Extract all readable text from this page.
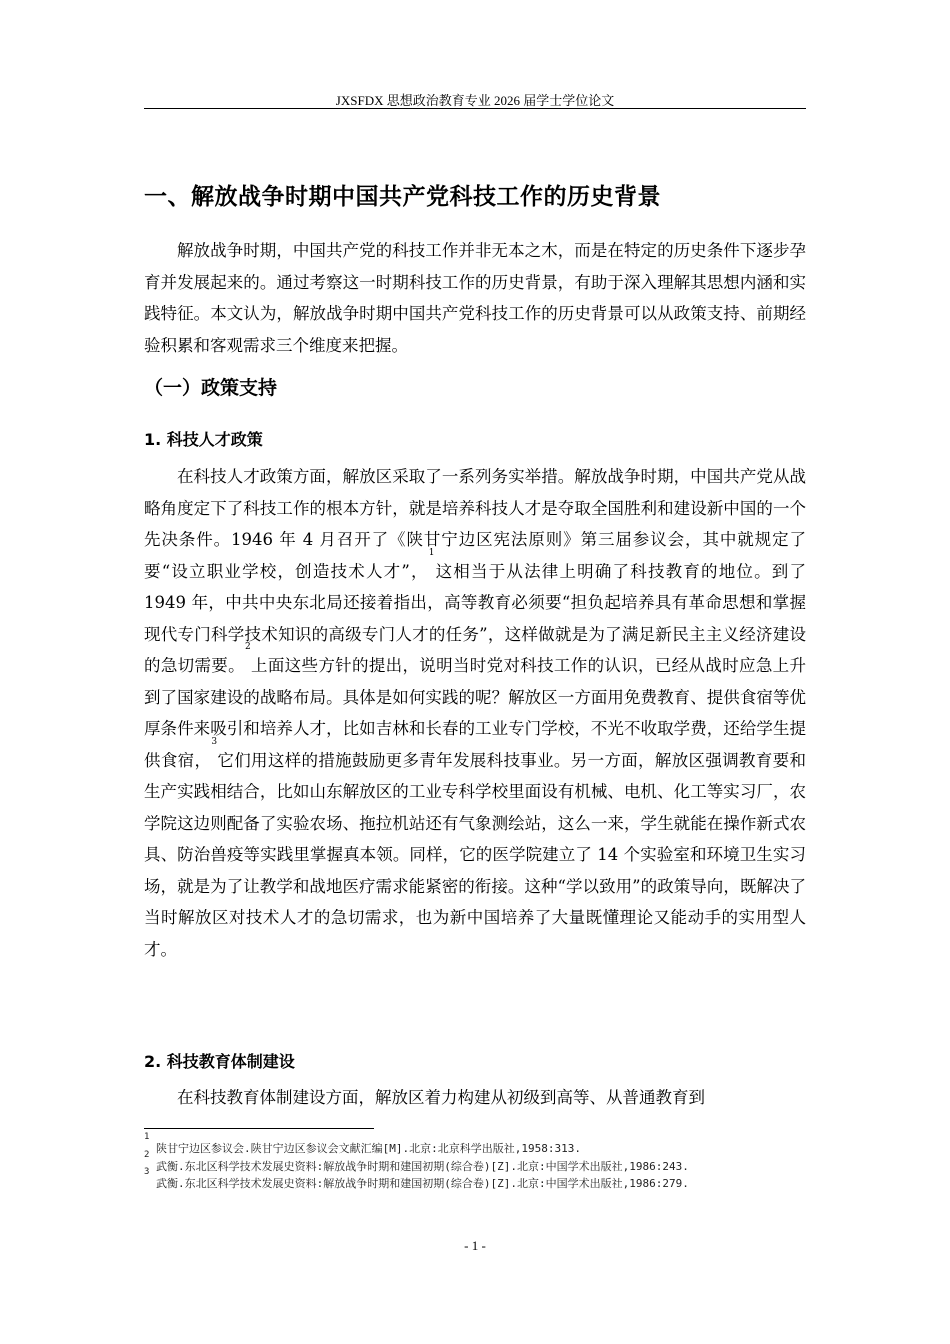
JXSFDX 思想政治教育专业 2026 届学士学位论文
一、解放战争时期中国共产党科技工作的历史背景
解放战争时期，中国共产党的科技工作并非无本之木，而是在特定的历史条件下逐步孕育并发展起来的。通过考察这一时期科技工作的历史背景，有助于深入理解其思想内涵和实践特征。本文认为，解放战争时期中国共产党科技工作的历史背景可以从政策支持、前期经验积累和客观需求三个维度来把握。
（一）政策支持
1. 科技人才政策
在科技人才政策方面，解放区采取了一系列务实举措。解放战争时期，中国共产党从战略角度定下了科技工作的根本方针，就是培养科技人才是夺取全国胜利和建设新中国的一个先决条件。1946 年 4 月召开了《陕甘宁边区宪法原则》第三届参议会，其中就规定了要“设立职业学校，创造技术人才”，$^1$这相当于从法律上明确了科技教育的地位。到了 1949 年，中共中央东北局还接着指出，高等教育必须要“担负起培养具有革命思想和掌握现代专门科学技术知识的高级专门人才的任务”，这样做就是为了满足新民主主义经济建设的急切需要。$^2$上面这些方针的提出，说明当时党对科技工作的认识，已经从战时应急上升到了国家建设的战略布局。具体是如何实践的呢？解放区一方面用免费教育、提供食宿等优厚条件来吸引和培养人才，比如吉林和长春的工业专门学校，不光不收取学费，还给学生提供食宿，$^3$它们用这样的措施鼓励更多青年发展科技事业。另一方面，解放区强调教育要和生产实践相结合，比如山东解放区的工业专科学校里面设有机械、电机、化工等实习厂，农学院这边则配备了实验农场、拖拉机站还有气象测绘站，这么一来，学生就能在操作新式农具、防治兽疫等实践里掌握真本领。同样，它的医学院建立了 14 个实验室和环境卫生实习场，就是为了让教学和战地医疗需求能紧密的衔接。这种“学以致用”的政策导向，既解决了当时解放区对技术人才的急切需求，也为新中国培养了大量既懂理论又能动手的实用型人才。
2. 科技教育体制建设
在科技教育体制建设方面，解放区着力构建从初级到高等、从普通教育到
$^1$ 陕甘宁边区参议会.陕甘宁边区参议会文献汇编[M].北京:北京科学出版社,1958:313.
$^2$ 武衡.东北区科学技术发展史资料:解放战争时期和建国初期(综合卷)[Z].北京:中国学术出版社,1986:243.
$^3$ 武衡.东北区科学技术发展史资料:解放战争时期和建国初期(综合卷)[Z].北京:中国学术出版社,1986:279.
- 1 -
